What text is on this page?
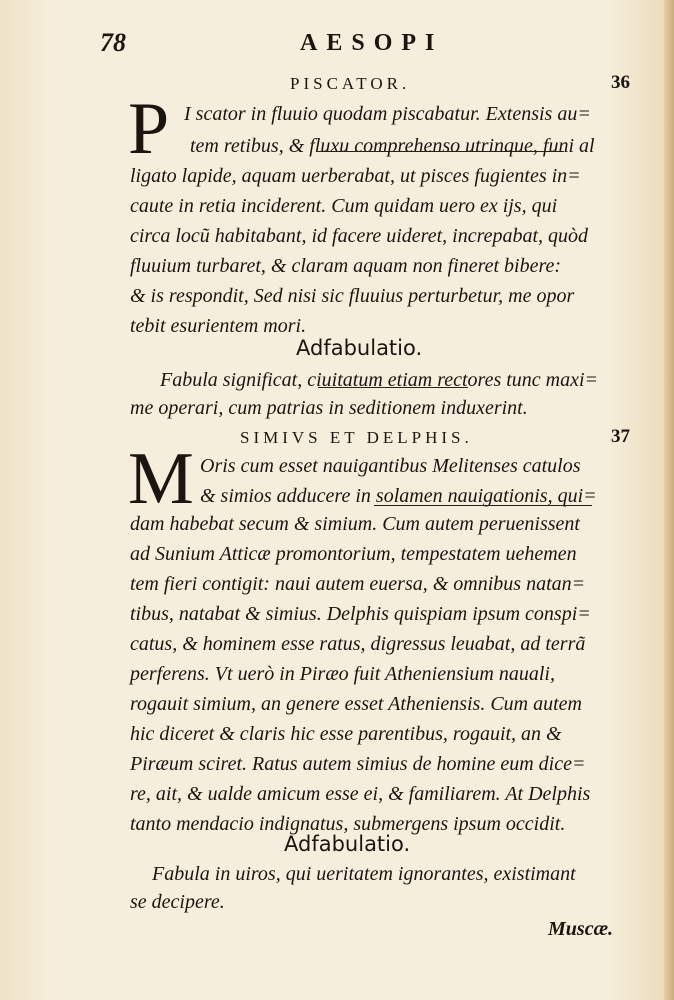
78	AESOPI
PISCATOR.	36
P I scator in fluuio quodam piscabatur. Extensis au=
tem retibus, & fluxu comprehenso utrinque, funi al
ligato lapide, aquam uerberabat, ut pisces fugientes in=
caute in retia inciderent. Cum quidam uero ex ijs, qui
circa locũ habitabant, id facere uideret, increpabat, quòd
fluuium turbaret, & claram aquam non fineret bibere:
& is respondit, Sed nisi sic fluuius perturbetur, me opor
tebit esurientem mori.
Adfabulatio.
Fabula significat, ciuitatum etiam rectores tunc maxi=
me operari, cum patrias in seditionem induxerint.
SIMIVS ET DELPHIS.	37
M Oris cum esset nauigantibus Melitenses catulos
& simios adducere in solamen nauigationis, qui=
dam habebat secum & simium. Cum autem peruenissent
ad Sunium Atticæ promontorium, tempestatem uehemen
tem fieri contigit: naui autem euersa, & omnibus natan=
tibus, natabat & simius. Delphis quispiam ipsum conspi=
catus, & hominem esse ratus, digressus leuabat, ad terrã
perferens. Vt uerò in Piræo fuit Atheniensium nauali,
rogauit simium, an genere esset Atheniensis. Cum autem
hic diceret & claris hic esse parentibus, rogauit, an &
Piræum sciret. Ratus autem simius de homine eum dice=
re, ait, & ualde amicum esse ei, & familiarem. At Delphis
tanto mendacio indignatus, submergens ipsum occidit.
Adfabulatio.
Fabula in uiros, qui ueritatem ignorantes, existimant
se decipere.
Muscæ.
